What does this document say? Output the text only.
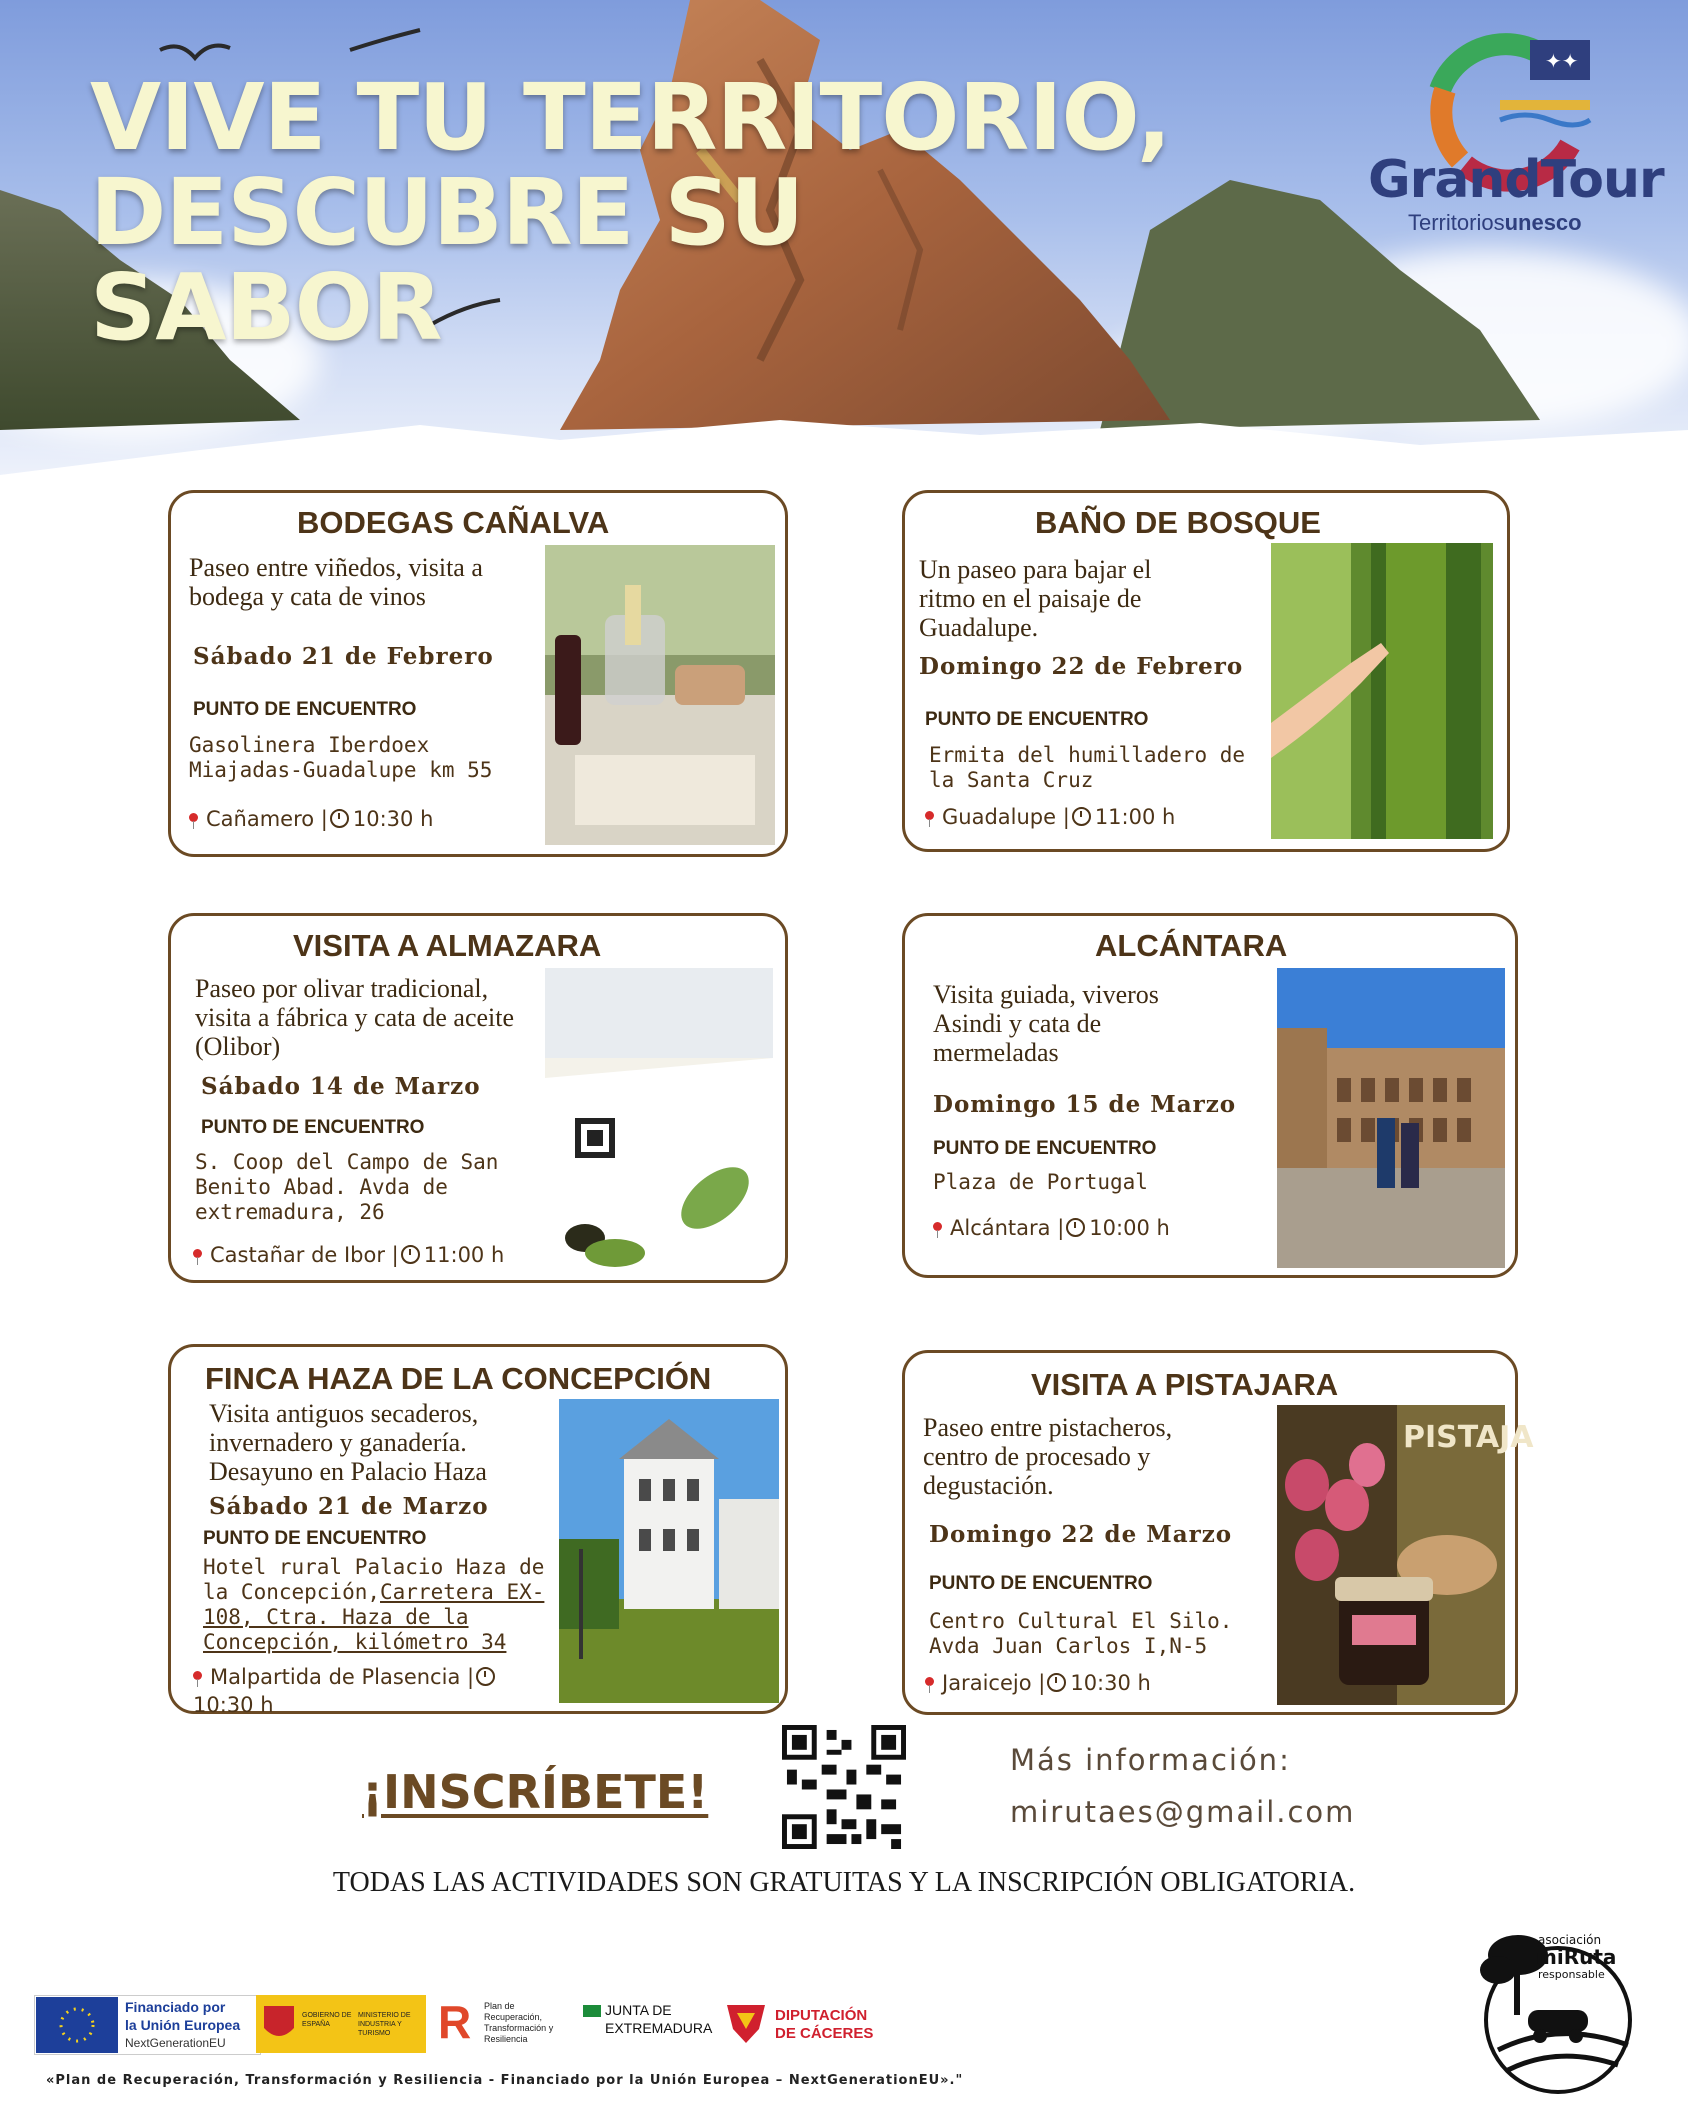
VIVE TU TERRITORIO,
DESCUBRE SU
SABOR
✦✦
GrandTour
Territoriosunesco
BODEGAS CAÑALVA
Paseo entre viñedos, visita a bodega y cata de vinos
Sábado 21 de Febrero
PUNTO DE ENCUENTRO
Gasolinera Iberdoex Miajadas-Guadalupe km 55
Cañamero | 10:30 h
BAÑO DE BOSQUE
Un paseo para bajar el ritmo en el paisaje de Guadalupe.
Domingo 22 de Febrero
PUNTO DE ENCUENTRO
Ermita del humilladero de la Santa Cruz
Guadalupe | 11:00 h
VISITA A ALMAZARA
Paseo por olivar tradicional, visita a fábrica y cata de aceite (Olibor)
Sábado 14 de Marzo
PUNTO DE ENCUENTRO
S. Coop del Campo de San Benito Abad. Avda de extremadura, 26
Castañar de Ibor | 11:00 h
ALCÁNTARA
Visita guiada, viveros Asindi y cata de mermeladas
Domingo 15 de Marzo
PUNTO DE ENCUENTRO
Plaza de Portugal
Alcántara | 10:00 h
FINCA HAZA DE LA CONCEPCIÓN
Visita antiguos secaderos, invernadero y ganadería. Desayuno en Palacio Haza
Sábado 21 de Marzo
PUNTO DE ENCUENTRO
Hotel rural Palacio Haza de la Concepción,Carretera EX-108, Ctra. Haza de la Concepción, kilómetro 34
Malpartida de Plasencia |10:30 h
VISITA A PISTAJARA
Paseo entre pistacheros, centro de procesado y degustación.
Domingo 22 de Marzo
PUNTO DE ENCUENTRO
Centro Cultural El Silo. Avda Juan Carlos I,N-5
Jaraicejo | 10:30 h
PISTAJA
¡INSCRÍBETE!
Más información:
mirutaes@gmail.com
TODAS LAS ACTIVIDADES SON GRATUITAS Y LA INSCRIPCIÓN OBLIGATORIA.
Financiado por
la Unión Europea
NextGenerationEU
GOBIERNO DE ESPAÑA
MINISTERIO DE INDUSTRIA Y TURISMO	R Plan de Recuperación, Transformación y Resiliencia
JUNTA DE EXTREMADURA
DIPUTACIÓN
DE CÁCERES
«Plan de Recuperación, Transformación y Resiliencia - Financiado por la Unión Europea – NextGenerationEU»."
asociación
miRuta
responsable
